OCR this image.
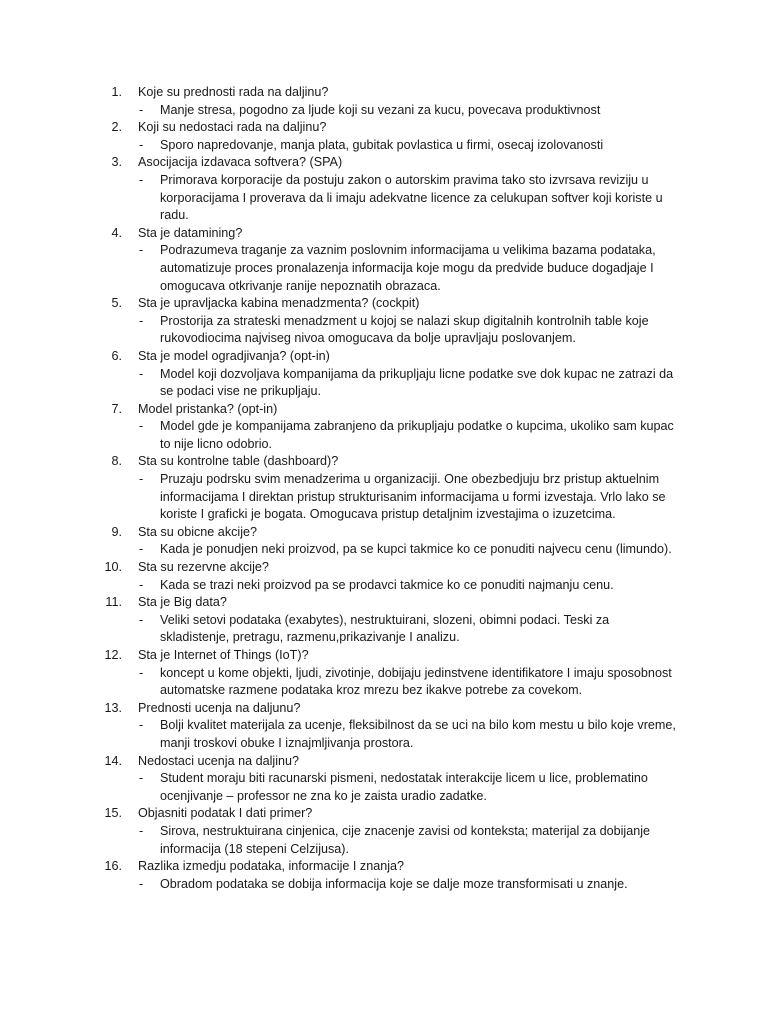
1.	Koje su prednosti rada na daljinu?
- Manje stresa, pogodno za ljude koji su vezani za kucu, povecava produktivnost
2.	Koji su nedostaci rada na daljinu?
- Sporo napredovanje, manja plata, gubitak povlastica u firmi, osecaj izolovanosti
3.	Asocijacija izdavaca softvera? (SPA)
- Primorava korporacije da postuju zakon o autorskim pravima tako sto izvrsava reviziju u korporacijama I proverava da li imaju adekvatne licence za celukupan softver koji koriste u radu.
4.	Sta je datamining?
- Podrazumeva traganje za vaznim poslovnim informacijama u velikima bazama podataka, automatizuje proces pronalazenja informacija koje mogu da predvide buduce dogadjaje I omogucava otkrivanje ranije nepoznatih obrazaca.
5.	Sta je upravljacka kabina menadzmenta? (cockpit)
- Prostorija za strateski menadzment u kojoj se nalazi skup digitalnih kontrolnih table koje rukovodiocima najviseg nivoa omogucava da bolje upravljaju poslovanjem.
6.	Sta je model ogradjivanja? (opt-in)
- Model koji dozvoljava kompanijama da prikupljaju licne podatke sve dok kupac ne zatrazi da se podaci vise ne prikupljaju.
7.	Model pristanka? (opt-in)
- Model gde je kompanijama zabranjeno da prikupljaju podatke o kupcima, ukoliko sam kupac to nije licno odobrio.
8.	Sta su kontrolne table (dashboard)?
- Pruzaju podrsku svim menadzerima u organizaciji. One obezbedjuju brz pristup aktuelnim informacijama I direktan pristup strukturisanim informacijama u formi izvestaja. Vrlo lako se koriste I graficki je bogata. Omogucava pristup detaljnim izvestajima o izuzetcima.
9.	Sta su obicne akcije?
- Kada je ponudjen neki proizvod, pa se kupci takmice ko ce ponuditi najvecu cenu (limundo).
10.	Sta su rezervne akcije?
- Kada se trazi neki proizvod pa se prodavci takmice ko ce ponuditi najmanju cenu.
11.	Sta je Big data?
- Veliki setovi podataka (exabytes), nestruktuirani, slozeni, obimni podaci. Teski za skladistenje, pretragu, razmenu,prikazivanje I analizu.
12.	Sta je Internet of Things (IoT)?
- koncept u kome objekti, ljudi, zivotinje, dobijaju jedinstvene identifikatore I imaju sposobnost automatske razmene podataka kroz mrezu bez ikakve potrebe za covekom.
13.	Prednosti ucenja na daljunu?
- Bolji kvalitet materijala za ucenje, fleksibilnost da se uci na bilo kom mestu u bilo koje vreme, manji troskovi obuke I iznajmljivanja prostora.
14.	Nedostaci ucenja na daljinu?
- Student moraju biti racunarski pismeni, nedostatak interakcije licem u lice, problematino ocenjivanje – professor ne zna ko je zaista uradio zadatke.
15.	Objasniti podatak I dati primer?
- Sirova, nestruktuirana cinjenica, cije znacenje zavisi od konteksta; materijal za dobijanje informacija (18 stepeni Celzijusa).
16.	Razlika izmedju podataka, informacije I znanja?
- Obradom podataka se dobija informacija koje se dalje moze transformisati u znanje.
